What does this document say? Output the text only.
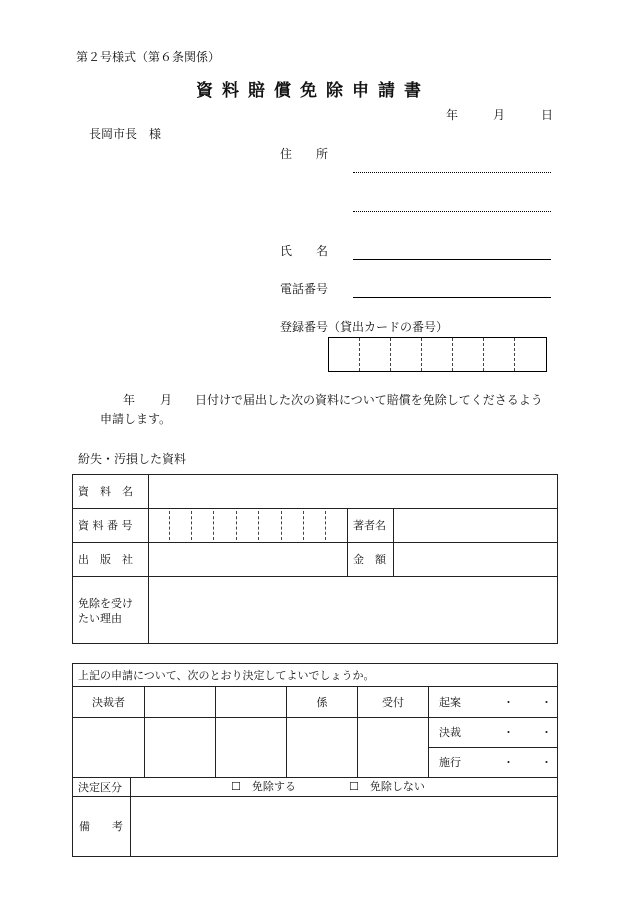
第２号様式（第６条関係）
資料賠償免除申請書
年	月	日
長岡市長　様
住　　所
氏　　名
電話番号
登録番号（貸出カードの番号）
年 月 日付けで届出した次の資料について賠償を免除してくださるよう
申請します。
紛失・汚損した資料
資　料　名			
資 料 番 号		著者名	
出　版　社		金　額	

免除を受け
たい理由			

上記の申請について、次のとおり決定してよいでしょうか。						
決裁者				係	受付	起案 ・ ・

						決裁 ・ ・

						施行 ・ ・

決定区分	☐　免除する ☐　免除しない					

備　　考						
